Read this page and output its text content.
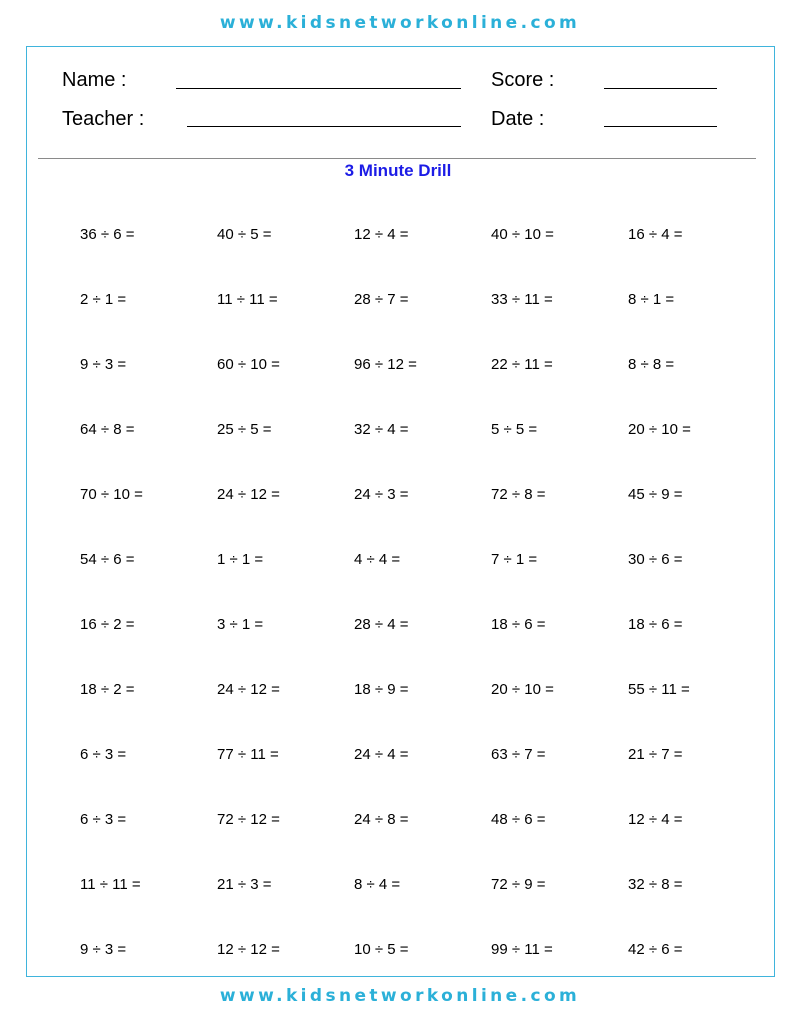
www.kidsnetworkonline.com
Name :
Teacher :
Score :
Date :
3 Minute Drill
36 ÷ 6 =	40 ÷ 5 =	12 ÷ 4 =	40 ÷ 10 =	16 ÷ 4 =
2 ÷ 1 =	11 ÷ 11 =	28 ÷ 7 =	33 ÷ 11 =	8 ÷ 1 =
9 ÷ 3 =	60 ÷ 10 =	96 ÷ 12 =	22 ÷ 11 =	8 ÷ 8 =
64 ÷ 8 =	25 ÷ 5 =	32 ÷ 4 =	5 ÷ 5 =	20 ÷ 10 =
70 ÷ 10 =	24 ÷ 12 =	24 ÷ 3 =	72 ÷ 8 =	45 ÷ 9 =
54 ÷ 6 =	1 ÷ 1 =	4 ÷ 4 =	7 ÷ 1 =	30 ÷ 6 =
16 ÷ 2 =	3 ÷ 1 =	28 ÷ 4 =	18 ÷ 6 =	18 ÷ 6 =
18 ÷ 2 =	24 ÷ 12 =	18 ÷ 9 =	20 ÷ 10 =	55 ÷ 11 =
6 ÷ 3 =	77 ÷ 11 =	24 ÷ 4 =	63 ÷ 7 =	21 ÷ 7 =
6 ÷ 3 =	72 ÷ 12 =	24 ÷ 8 =	48 ÷ 6 =	12 ÷ 4 =
11 ÷ 11 =	21 ÷ 3 =	8 ÷ 4 =	72 ÷ 9 =	32 ÷ 8 =
9 ÷ 3 =	12 ÷ 12 =	10 ÷ 5 =	99 ÷ 11 =	42 ÷ 6 =
www.kidsnetworkonline.com
